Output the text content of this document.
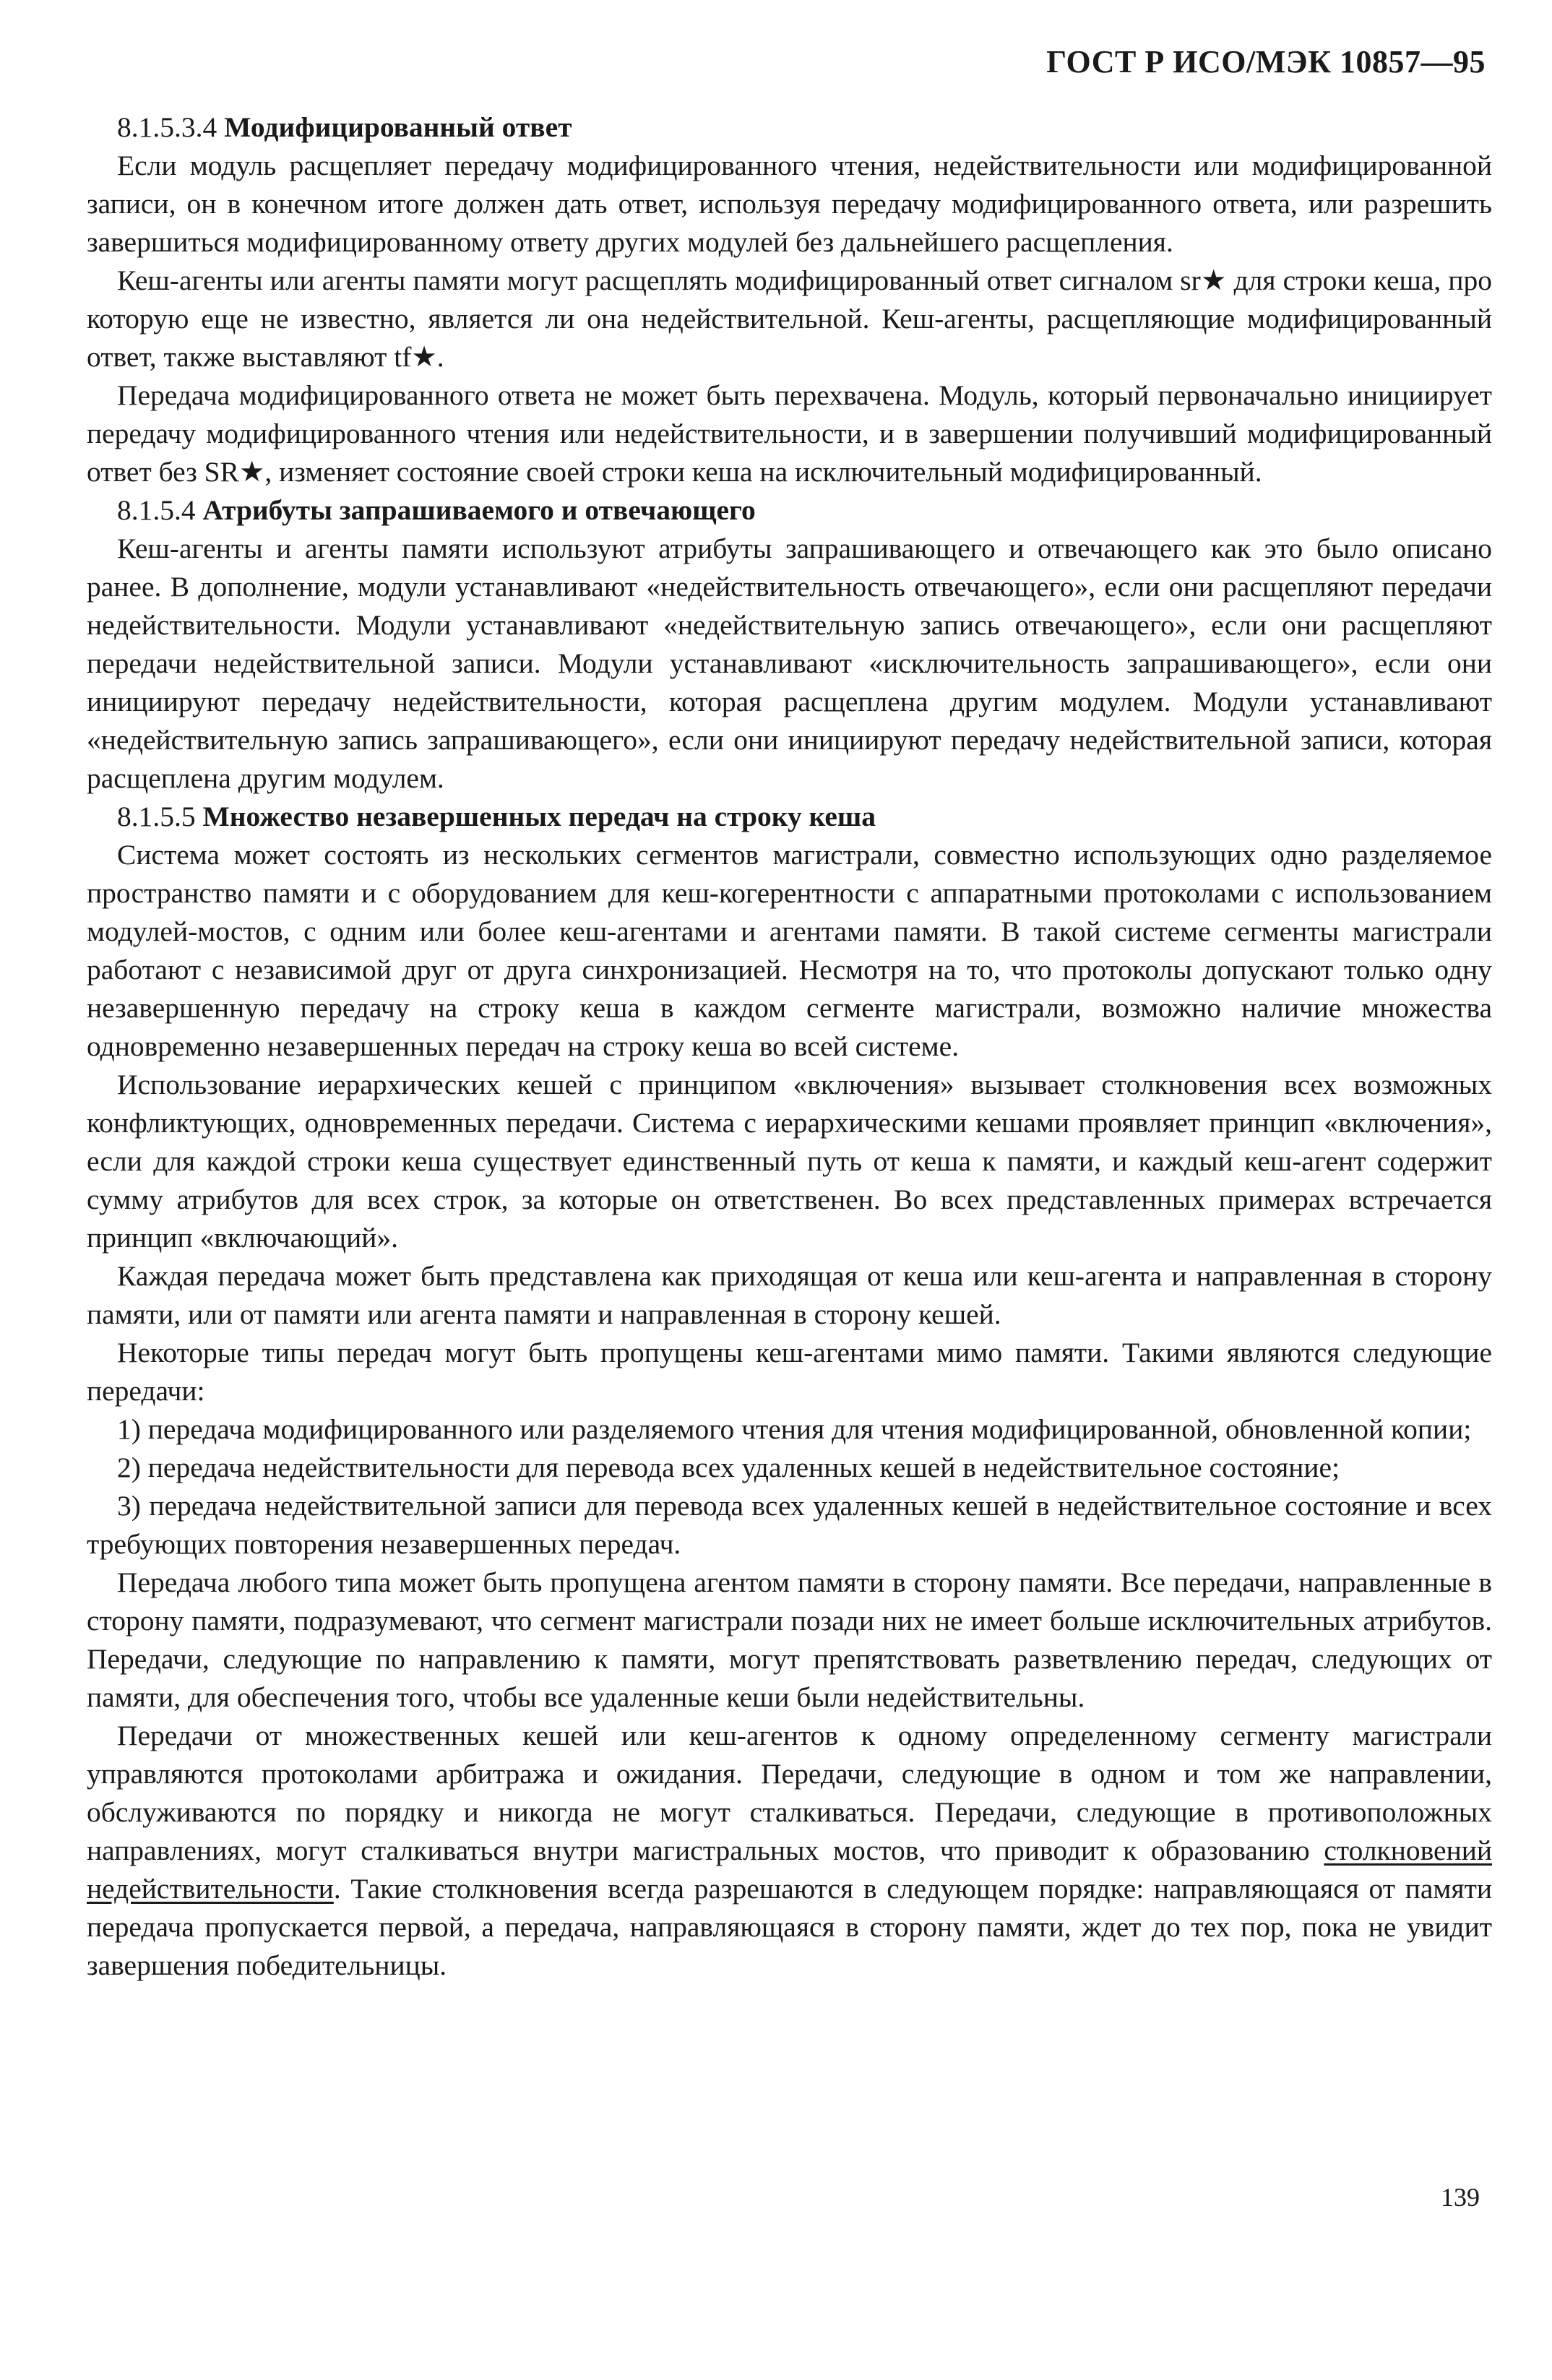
ГОСТ Р ИСО/МЭК 10857—95

8.1.5.3.4 Модифицированный ответ

Если модуль расщепляет передачу модифицированного чтения, недействительности или модифицированной записи, он в конечном итоге должен дать ответ, используя передачу модифицированного ответа, или разрешить завершиться модифицированному ответу других модулей без дальнейшего расщепления.

Кеш-агенты или агенты памяти могут расщеплять модифицированный ответ сигналом sr★ для строки кеша, про которую еще не известно, является ли она недействительной. Кеш-агенты, расщепляющие модифицированный ответ, также выставляют tf★.

Передача модифицированного ответа не может быть перехвачена. Модуль, который первоначально инициирует передачу модифицированного чтения или недействительности, и в завершении получивший модифицированный ответ без SR★, изменяет состояние своей строки кеша на исключительный модифицированный.

8.1.5.4 Атрибуты запрашиваемого и отвечающего

Кеш-агенты и агенты памяти используют атрибуты запрашивающего и отвечающего как это было описано ранее. В дополнение, модули устанавливают «недействительность отвечающего», если они расщепляют передачи недействительности. Модули устанавливают «недействительную запись отвечающего», если они расщепляют передачи недействительной записи. Модули устанавливают «исключительность запрашивающего», если они инициируют передачу недействительности, которая расщеплена другим модулем. Модули устанавливают «недействительную запись запрашивающего», если они инициируют передачу недействительной записи, которая расщеплена другим модулем.

8.1.5.5 Множество незавершенных передач на строку кеша

Система может состоять из нескольких сегментов магистрали, совместно использующих одно разделяемое пространство памяти и с оборудованием для кеш-когерентности с аппаратными протоколами с использованием модулей-мостов, с одним или более кеш-агентами и агентами памяти. В такой системе сегменты магистрали работают с независимой друг от друга синхронизацией. Несмотря на то, что протоколы допускают только одну незавершенную передачу на строку кеша в каждом сегменте магистрали, возможно наличие множества одновременно незавершенных передач на строку кеша во всей системе.

Использование иерархических кешей с принципом «включения» вызывает столкновения всех возможных конфликтующих, одновременных передачи. Система с иерархическими кешами проявляет принцип «включения», если для каждой строки кеша существует единственный путь от кеша к памяти, и каждый кеш-агент содержит сумму атрибутов для всех строк, за которые он ответственен. Во всех представленных примерах встречается принцип «включающий».

Каждая передача может быть представлена как приходящая от кеша или кеш-агента и направленная в сторону памяти, или от памяти или агента памяти и направленная в сторону кешей.

Некоторые типы передач могут быть пропущены кеш-агентами мимо памяти. Такими являются следующие передачи:

1) передача модифицированного или разделяемого чтения для чтения модифицированной, обновленной копии;

2) передача недействительности для перевода всех удаленных кешей в недействительное состояние;

3) передача недействительной записи для перевода всех удаленных кешей в недействительное состояние и всех требующих повторения незавершенных передач.

Передача любого типа может быть пропущена агентом памяти в сторону памяти. Все передачи, направленные в сторону памяти, подразумевают, что сегмент магистрали позади них не имеет больше исключительных атрибутов. Передачи, следующие по направлению к памяти, могут препятствовать разветвлению передач, следующих от памяти, для обеспечения того, чтобы все удаленные кеши были недействительны.

Передачи от множественных кешей или кеш-агентов к одному определенному сегменту магистрали управляются протоколами арбитража и ожидания. Передачи, следующие в одном и том же направлении, обслуживаются по порядку и никогда не могут сталкиваться. Передачи, следующие в противоположных направлениях, могут сталкиваться внутри магистральных мостов, что приводит к образованию столкновений недействительности. Такие столкновения всегда разрешаются в следующем порядке: направляющаяся от памяти передача пропускается первой, а передача, направляющаяся в сторону памяти, ждет до тех пор, пока не увидит завершения победительницы.

139
